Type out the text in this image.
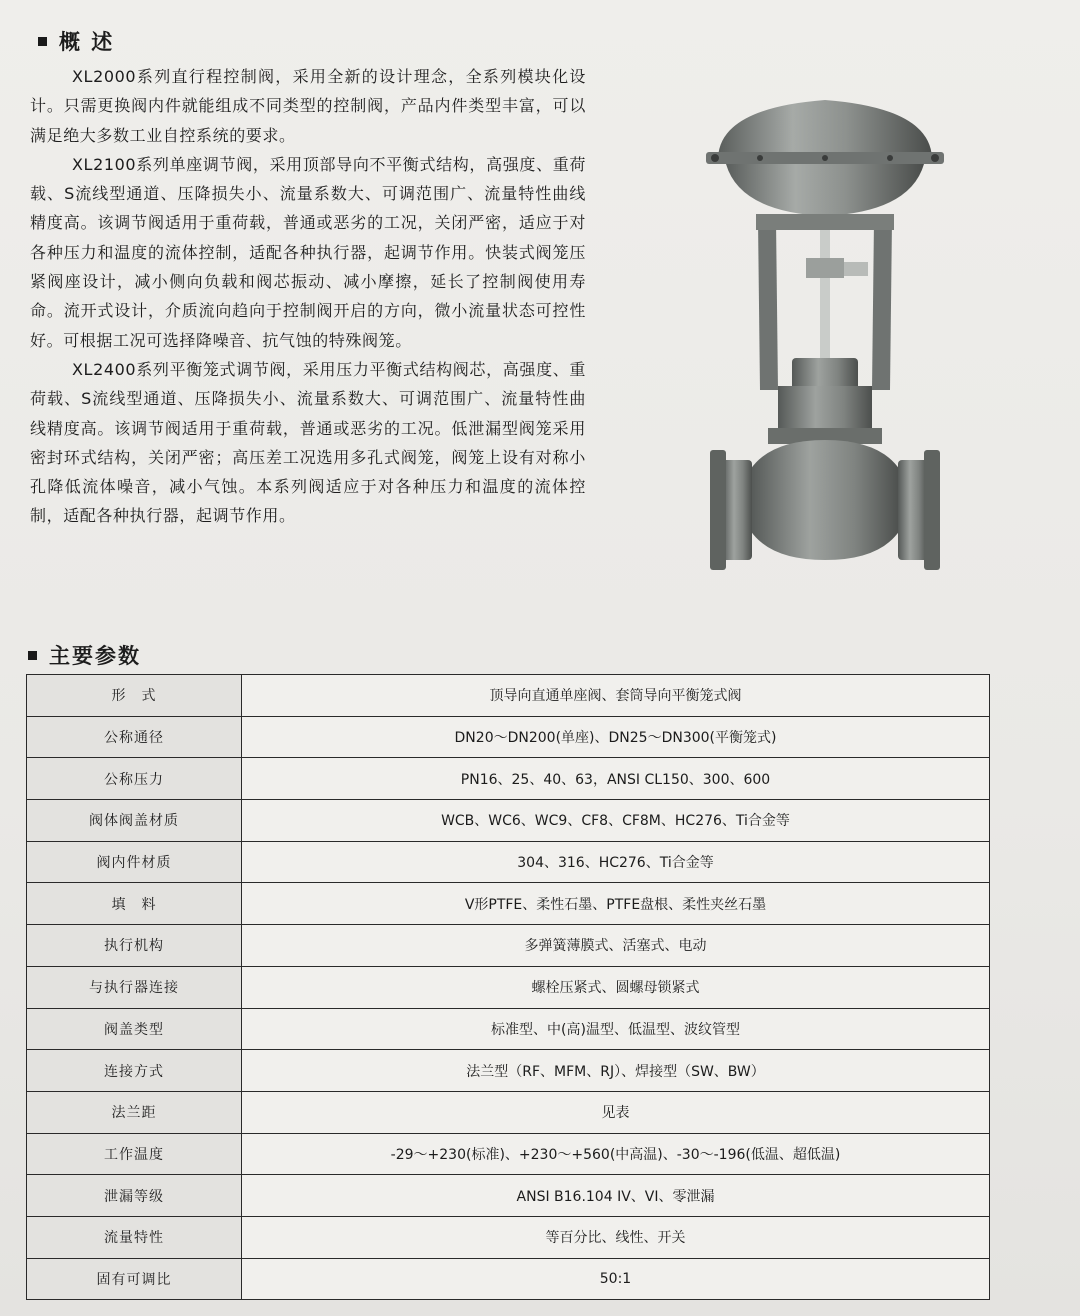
概 述

XL2000系列直行程控制阀，采用全新的设计理念，全系列模块化设计。只需更换阀内件就能组成不同类型的控制阀，产品内件类型丰富，可以满足绝大多数工业自控系统的要求。

XL2100系列单座调节阀，采用顶部导向不平衡式结构，高强度、重荷载、S流线型通道、压降损失小、流量系数大、可调范围广、流量特性曲线精度高。该调节阀适用于重荷载，普通或恶劣的工况，关闭严密，适应于对各种压力和温度的流体控制，适配各种执行器，起调节作用。快装式阀笼压紧阀座设计，减小侧向负载和阀芯振动、减小摩擦，延长了控制阀使用寿命。流开式设计，介质流向趋向于控制阀开启的方向，微小流量状态可控性好。可根据工况可选择降噪音、抗气蚀的特殊阀笼。

XL2400系列平衡笼式调节阀，采用压力平衡式结构阀芯，高强度、重荷载、S流线型通道、压降损失小、流量系数大、可调范围广、流量特性曲线精度高。该调节阀适用于重荷载，普通或恶劣的工况。低泄漏型阀笼采用密封环式结构，关闭严密；高压差工况选用多孔式阀笼，阀笼上设有对称小孔降低流体噪音，减小气蚀。本系列阀适应于对各种压力和温度的流体控制，适配各种执行器，起调节作用。

主要参数
形　式	顶导向直通单座阀、套筒导向平衡笼式阀
公称通径	DN20～DN200(单座)、DN25～DN300(平衡笼式)
公称压力	PN16、25、40、63，ANSI CL150、300、600
阀体阀盖材质	WCB、WC6、WC9、CF8、CF8M、HC276、Ti合金等
阀内件材质	304、316、HC276、Ti合金等
填　料	V形PTFE、柔性石墨、PTFE盘根、柔性夹丝石墨
执行机构	多弹簧薄膜式、活塞式、电动
与执行器连接	螺栓压紧式、圆螺母锁紧式
阀盖类型	标准型、中(高)温型、低温型、波纹管型
连接方式	法兰型（RF、MFM、RJ）、焊接型（SW、BW）
法兰距	见表
工作温度	-29～+230(标准)、+230～+560(中高温)、-30～-196(低温、超低温)
泄漏等级	ANSI B16.104 IV、VI、零泄漏
流量特性	等百分比、线性、开关
固有可调比	50:1
